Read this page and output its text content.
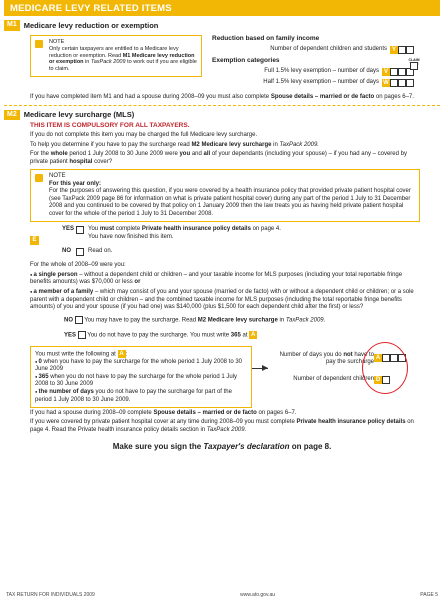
MEDICARE LEVY RELATED ITEMS
M1 Medicare levy reduction or exemption
NOTE
Only certain taxpayers are entitled to a Medicare levy reduction or exemption. Read M1 Medicare levy reduction or exemption in TaxPack 2009 to work out if you are eligible to claim.
Reduction based on family income
Number of dependent children and students Y
Exemption categories
Full 1.5% levy exemption – number of days V
Half 1.5% levy exemption – number of days W
CLAIM

If you have completed item M1 and had a spouse during 2008–09 you must also complete Spouse details – married or de facto on pages 6–7.

M2 Medicare levy surcharge (MLS)

THIS ITEM IS COMPULSORY FOR ALL TAXPAYERS.

If you do not complete this item you may be charged the full Medicare levy surcharge.

To help you determine if you have to pay the surcharge read M2 Medicare levy surcharge in TaxPack 2009.

For the whole period 1 July 2008 to 30 June 2009 were you and all of your dependants (including your spouse) – if you had any – covered by private patient hospital cover?

NOTE
For this year only:
For the purposes of answering this question, if you were covered by a health insurance policy that provided private patient hospital cover (see TaxPack 2009 page 86 for information on what is private patient hospital cover) during any part of the period 1 July to 31 December 2008 and you continued to be covered by that policy on 1 January 2009 then the law treats you as having held private patient hospital cover for the whole of the period 1 July to 31 December 2008.
E
YES You must complete Private health insurance policy details on page 4. You have now finished this item.
NO	Read on.

For the whole of 2008–09 were you:

● a single person – without a dependent child or children – and your taxable income for MLS purposes (including your total reportable fringe benefits amounts) was $70,000 or less or

● a member of a family – which may consist of you and your spouse (married or de facto) with or without a dependent child or children; or a sole parent with a dependent child or children – and the combined taxable income for MLS purposes (including the total reportable fringe benefits amounts) of you and your spouse (if you had one) was $140,000 (plus $1,500 for each dependent child after the first) or less?

NO You may have to pay the surcharge. Read M2 Medicare levy surcharge in TaxPack 2009.
YES You do not have to pay the surcharge. You must write 365 at A
You must write the following at A :
● 0 when you have to pay the surcharge for the whole period 1 July 2008 to 30 June 2009
● 365 when you do not have to pay the surcharge for the whole period 1 July 2008 to 30 June 2009
● the number of days you do not have to pay the surcharge for part of the period 1 July 2008 to 30 June 2009.
Number of days you do not have to pay the surcharge
A
Number of dependent children D

If you had a spouse during 2008–09 complete Spouse details – married or de facto on pages 6–7.

If you were covered by private patient hospital cover at any time during 2008–09 you must complete Private health insurance policy details on page 4. Read the Private health insurance policy details section in TaxPack 2009.

Make sure you sign the Taxpayer's declaration on page 8.
TAX RETURN FOR INDIVIDUALS 2009	www.ato.gov.au	PAGE 5
